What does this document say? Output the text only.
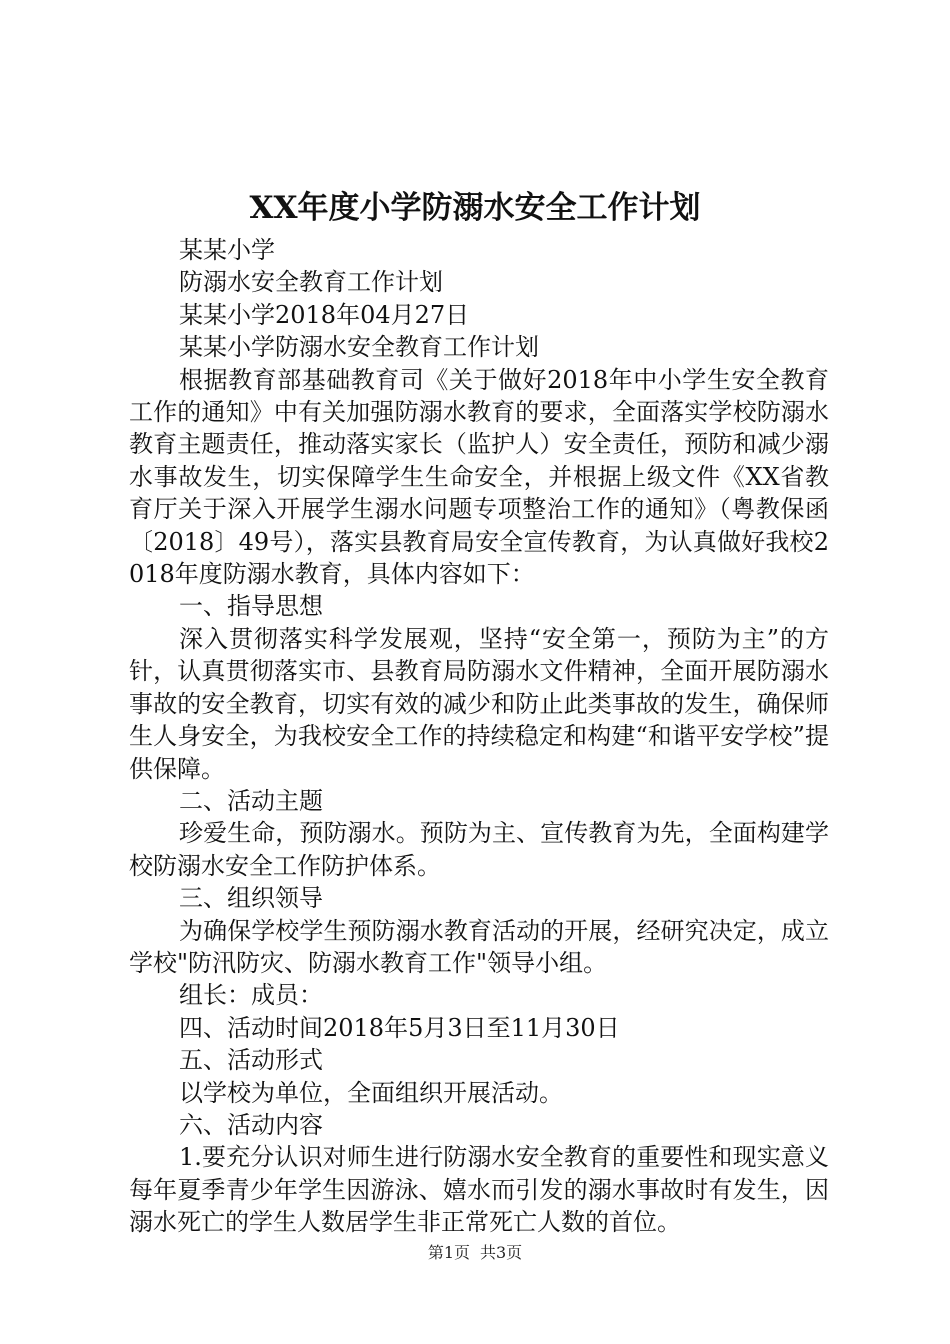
XX年度小学防溺水安全工作计划

某某小学

防溺水安全教育工作计划

某某小学2018年04月27日

某某小学防溺水安全教育工作计划

根据教育部基础教育司《关于做好2018年中小学生安全教育工作的通知》中有关加强防溺水教育的要求，全面落实学校防溺水教育主题责任，推动落实家长（监护人）安全责任，预防和减少溺水事故发生，切实保障学生生命安全，并根据上级文件《XX省教育厅关于深入开展学生溺水问题专项整治工作的通知》（粤教保函〔2018〕49号），落实县教育局安全宣传教育，为认真做好我校2018年度防溺水教育，具体内容如下：

一、指导思想

深入贯彻落实科学发展观，坚持“安全第一，预防为主”的方针，认真贯彻落实市、县教育局防溺水文件精神，全面开展防溺水事故的安全教育，切实有效的减少和防止此类事故的发生，确保师生人身安全，为我校安全工作的持续稳定和构建“和谐平安学校”提供保障。

二、活动主题

珍爱生命，预防溺水。预防为主、宣传教育为先，全面构建学校防溺水安全工作防护体系。

三、组织领导

为确保学校学生预防溺水教育活动的开展，经研究决定，成立学校"防汛防灾、防溺水教育工作"领导小组。

组长：成员：

四、活动时间2018年5月3日至11月30日

五、活动形式

以学校为单位，全面组织开展活动。

六、活动内容

1.要充分认识对师生进行防溺水安全教育的重要性和现实意义每年夏季青少年学生因游泳、嬉水而引发的溺水事故时有发生，因溺水死亡的学生人数居学生非正常死亡人数的首位。

第1页 共3页
